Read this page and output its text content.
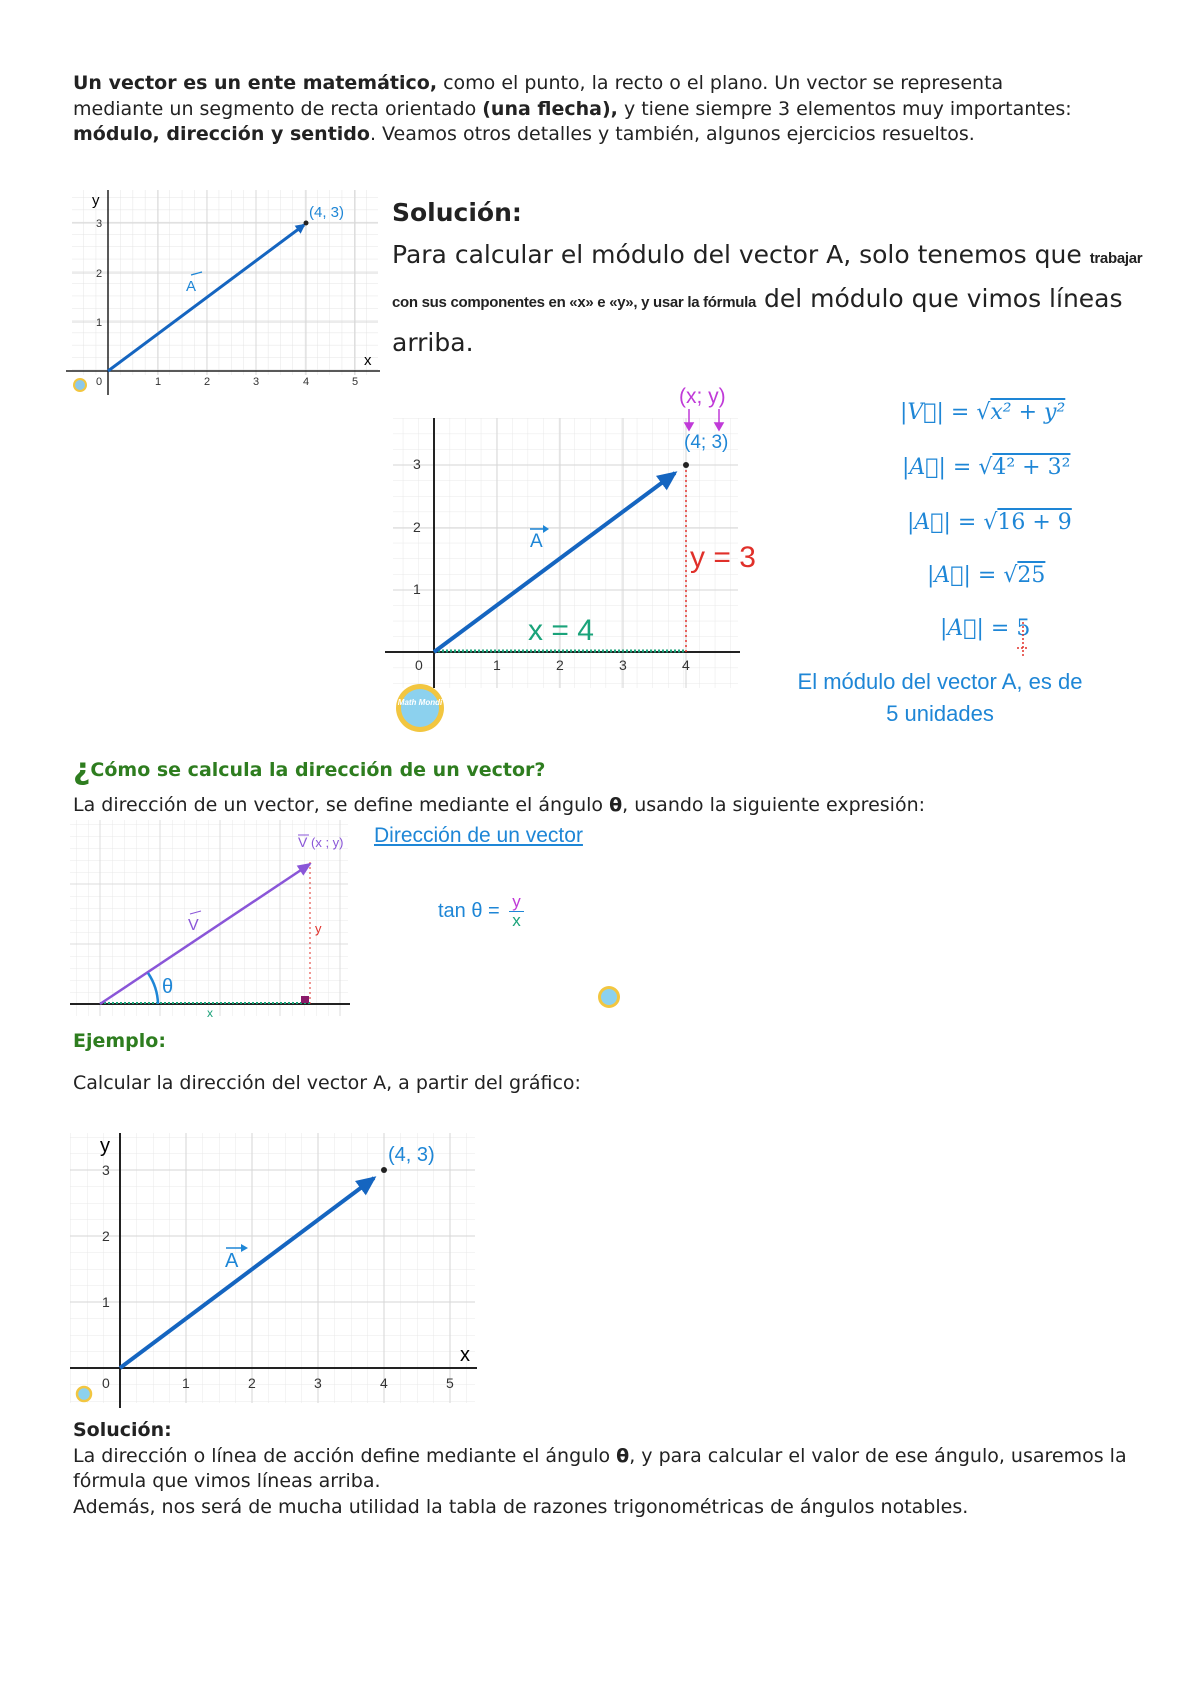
Un vector es un ente matemático, como el punto, la recto o el plano. Un vector se representa mediante un segmento de recta orientado (una flecha), y tiene siempre 3 elementos muy importantes: módulo, dirección y sentido. Veamos otros detalles y también, algunos ejercicios resueltos.
y
x
0	1	2	3	4	5
1
2
3
(4, 3)
A
Solución:
Para calcular el módulo del vector A, solo tenemos que trabajar con sus componentes en «x» e «y», y usar la fórmula del módulo que vimos líneas arriba.
0	1	2	3	4
1
2
3
(x; y)
(4; 3)
A	y = 3
x = 4
Math Mondi
|V⃗| = √x² + y²
|A⃗| = √4² + 3²
|A⃗| = √16 + 9
|A⃗| = √25
|A⃗| = 5
El módulo del vector A, es de
5 unidades
¿Cómo se calcula la dirección de un vector?
La dirección de un vector, se define mediante el ángulo θ, usando la siguiente expresión:
θ
V (x ; y)
V	y
x
Dirección de un vector
$\tan \theta = \frac{y}{x}$
Ejemplo:
Calcular la dirección del vector A, a partir del gráfico:
y
x
0	1	2	3	4	5
1
2
3
(4, 3)
A
Solución:
La dirección o línea de acción define mediante el ángulo θ, y para calcular el valor de ese ángulo, usaremos la fórmula que vimos líneas arriba.
Además, nos será de mucha utilidad la tabla de razones trigonométricas de ángulos notables.
